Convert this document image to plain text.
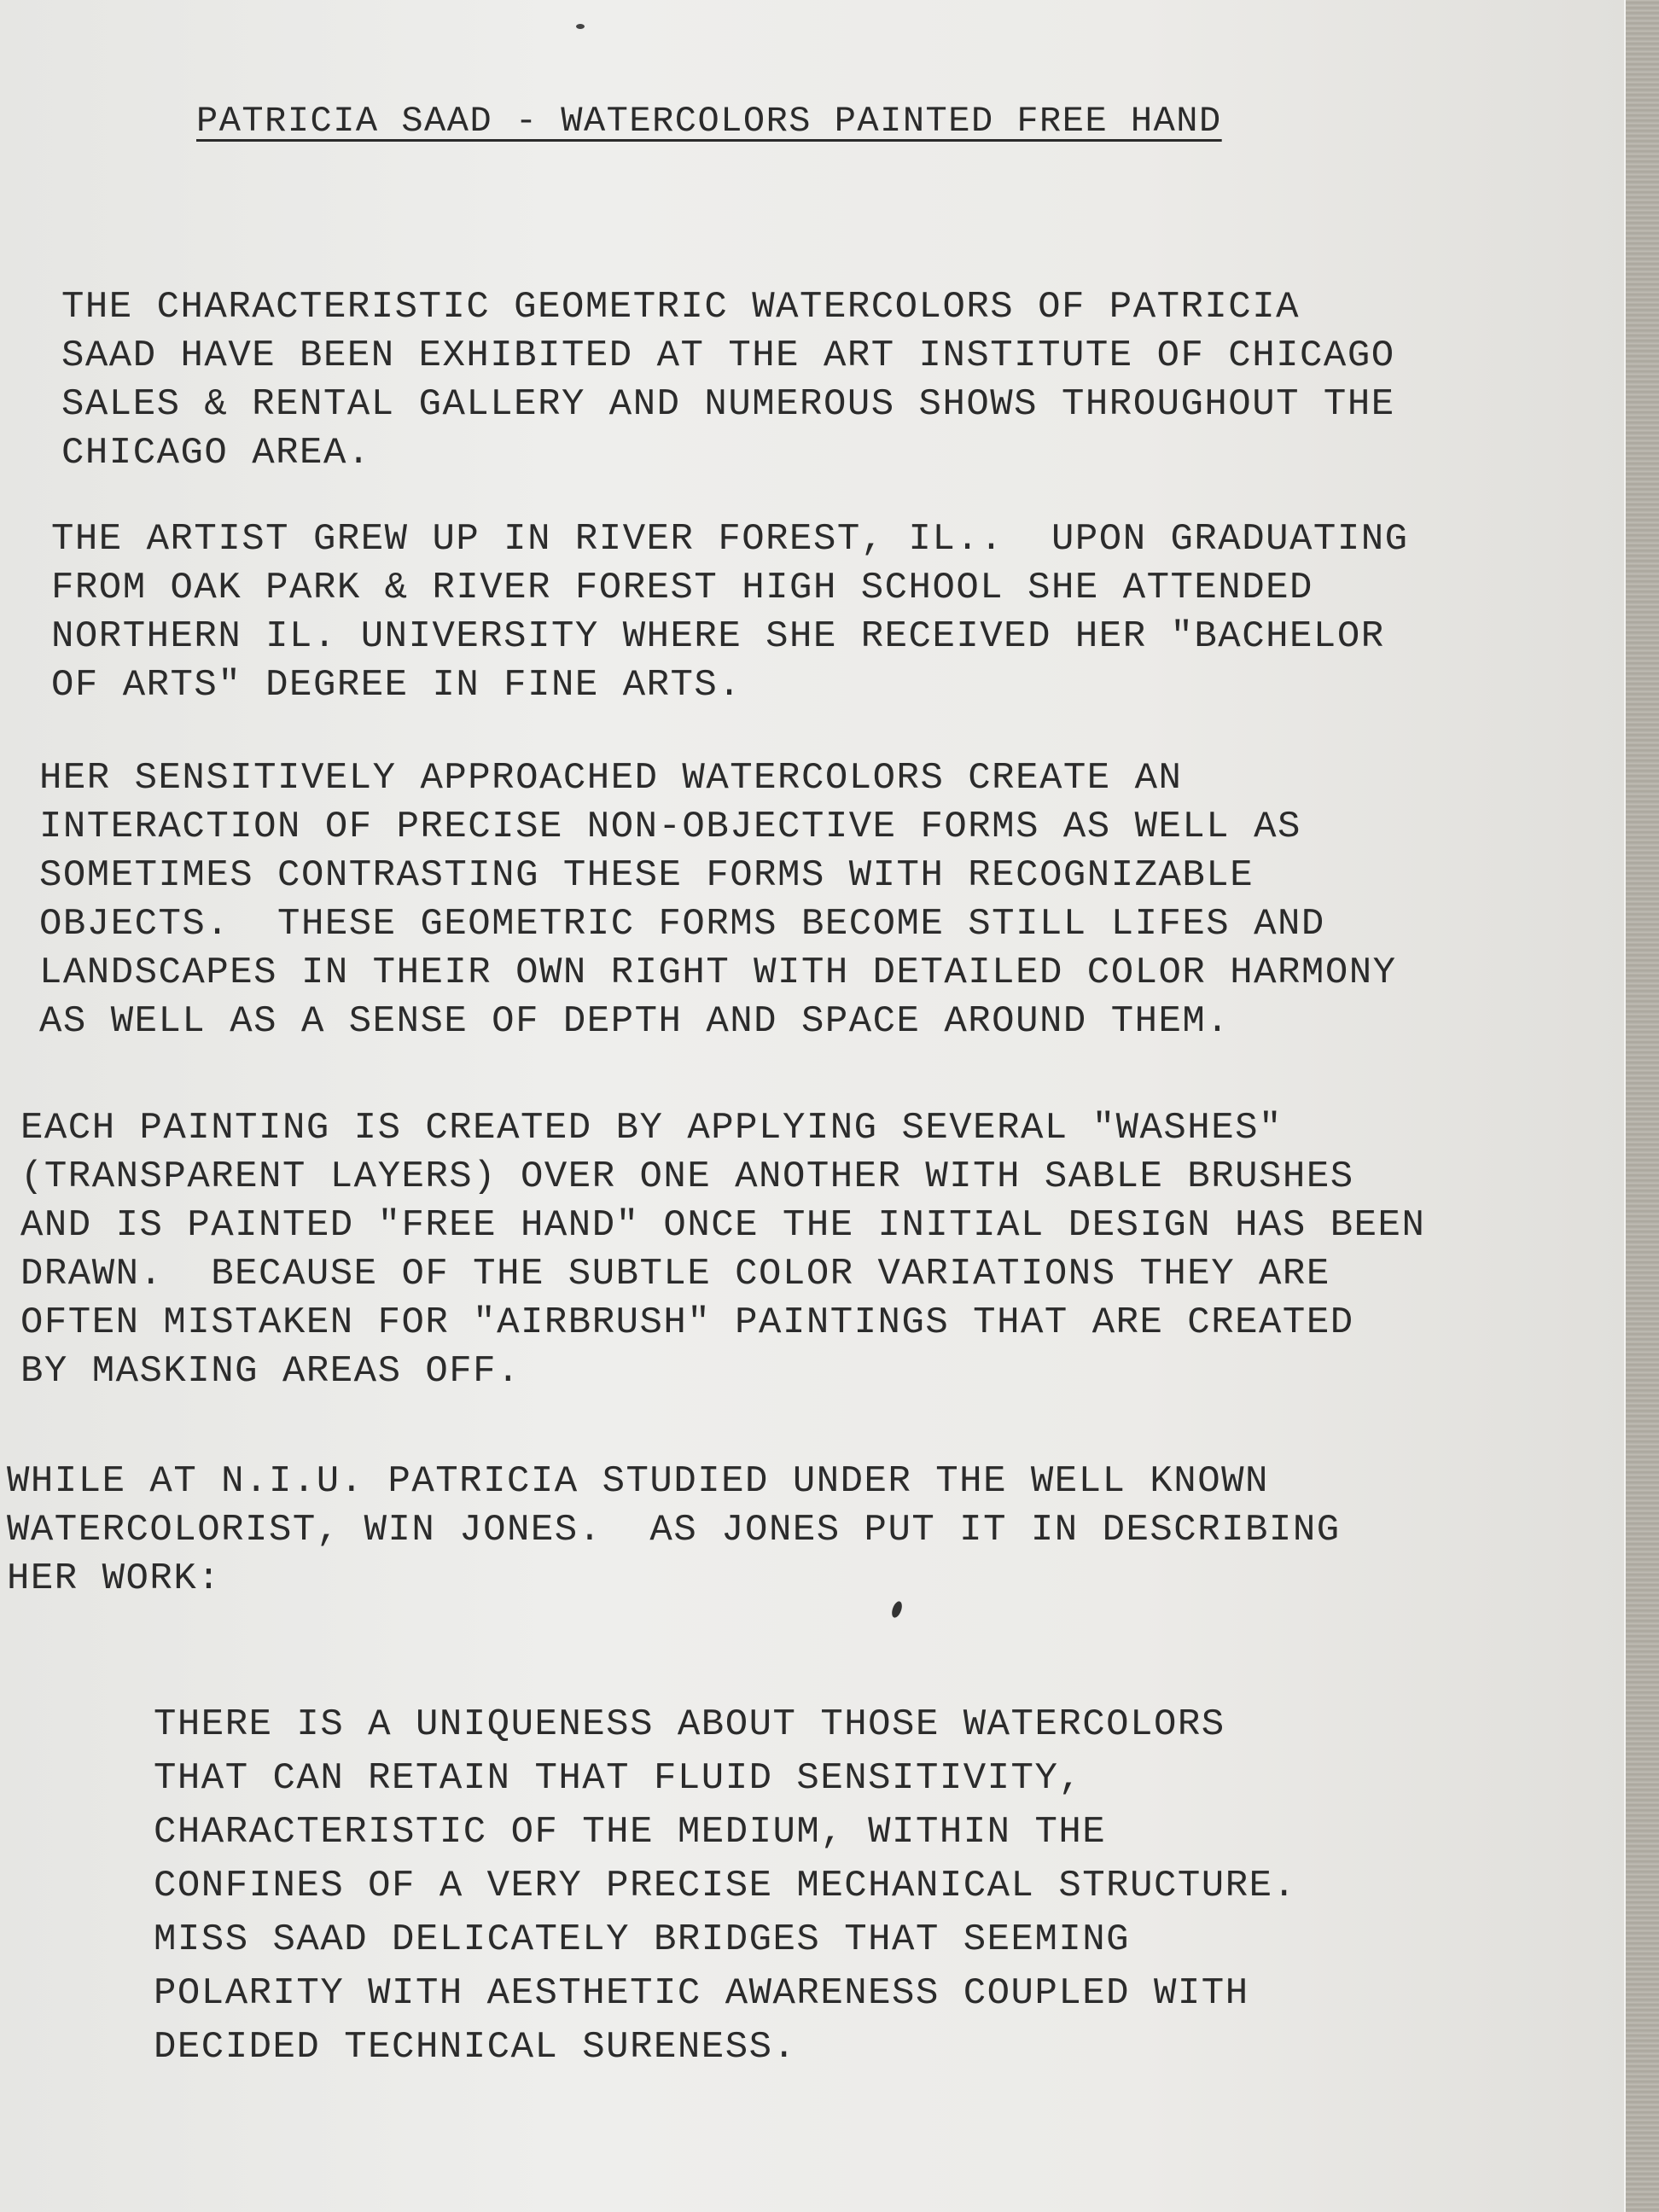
PATRICIA SAAD - WATERCOLORS PAINTED FREE HAND
THE CHARACTERISTIC GEOMETRIC WATERCOLORS OF PATRICIA
SAAD HAVE BEEN EXHIBITED AT THE ART INSTITUTE OF CHICAGO
SALES & RENTAL GALLERY AND NUMEROUS SHOWS THROUGHOUT THE
CHICAGO AREA.
THE ARTIST GREW UP IN RIVER FOREST, IL..  UPON GRADUATING
FROM OAK PARK & RIVER FOREST HIGH SCHOOL SHE ATTENDED
NORTHERN IL. UNIVERSITY WHERE SHE RECEIVED HER "BACHELOR
OF ARTS" DEGREE IN FINE ARTS.
HER SENSITIVELY APPROACHED WATERCOLORS CREATE AN
INTERACTION OF PRECISE NON-OBJECTIVE FORMS AS WELL AS
SOMETIMES CONTRASTING THESE FORMS WITH RECOGNIZABLE
OBJECTS.  THESE GEOMETRIC FORMS BECOME STILL LIFES AND
LANDSCAPES IN THEIR OWN RIGHT WITH DETAILED COLOR HARMONY
AS WELL AS A SENSE OF DEPTH AND SPACE AROUND THEM.
EACH PAINTING IS CREATED BY APPLYING SEVERAL "WASHES"
(TRANSPARENT LAYERS) OVER ONE ANOTHER WITH SABLE BRUSHES
AND IS PAINTED "FREE HAND" ONCE THE INITIAL DESIGN HAS BEEN
DRAWN.  BECAUSE OF THE SUBTLE COLOR VARIATIONS THEY ARE
OFTEN MISTAKEN FOR "AIRBRUSH" PAINTINGS THAT ARE CREATED
BY MASKING AREAS OFF.
WHILE AT N.I.U. PATRICIA STUDIED UNDER THE WELL KNOWN
WATERCOLORIST, WIN JONES.  AS JONES PUT IT IN DESCRIBING
HER WORK:
THERE IS A UNIQUENESS ABOUT THOSE WATERCOLORS
THAT CAN RETAIN THAT FLUID SENSITIVITY,
CHARACTERISTIC OF THE MEDIUM, WITHIN THE
CONFINES OF A VERY PRECISE MECHANICAL STRUCTURE.
MISS SAAD DELICATELY BRIDGES THAT SEEMING
POLARITY WITH AESTHETIC AWARENESS COUPLED WITH
DECIDED TECHNICAL SURENESS.
